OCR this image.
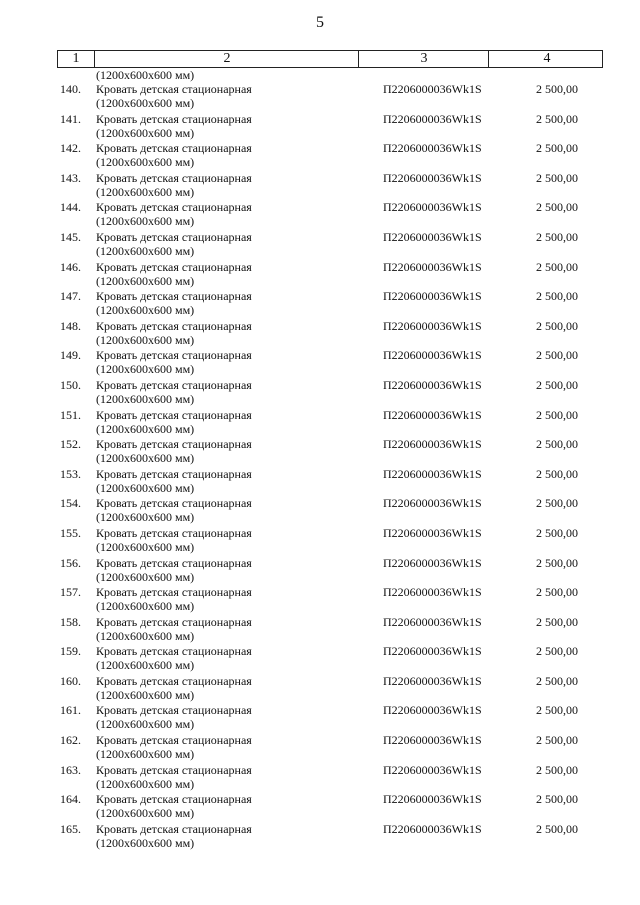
5
1	2	3	4
(1200x600x600 мм)
140. Кровать детская стационарная
(1200x600x600 мм)
П2206000036Wk1S	2 500,00
141. Кровать детская стационарная
(1200x600x600 мм)
П2206000036Wk1S	2 500,00
142. Кровать детская стационарная
(1200x600x600 мм)
П2206000036Wk1S	2 500,00
143. Кровать детская стационарная
(1200x600x600 мм)
П2206000036Wk1S	2 500,00
144. Кровать детская стационарная
(1200x600x600 мм)
П2206000036Wk1S	2 500,00
145. Кровать детская стационарная
(1200x600x600 мм)
П2206000036Wk1S	2 500,00
146. Кровать детская стационарная
(1200x600x600 мм)
П2206000036Wk1S	2 500,00
147. Кровать детская стационарная
(1200x600x600 мм)
П2206000036Wk1S	2 500,00
148. Кровать детская стационарная
(1200x600x600 мм)
П2206000036Wk1S	2 500,00
149. Кровать детская стационарная
(1200x600x600 мм)
П2206000036Wk1S	2 500,00
150. Кровать детская стационарная
(1200x600x600 мм)
П2206000036Wk1S	2 500,00
151. Кровать детская стационарная
(1200x600x600 мм)
П2206000036Wk1S	2 500,00
152. Кровать детская стационарная
(1200x600x600 мм)
П2206000036Wk1S	2 500,00
153. Кровать детская стационарная
(1200x600x600 мм)
П2206000036Wk1S	2 500,00
154. Кровать детская стационарная
(1200x600x600 мм)
П2206000036Wk1S	2 500,00
155. Кровать детская стационарная
(1200x600x600 мм)
П2206000036Wk1S	2 500,00
156. Кровать детская стационарная
(1200x600x600 мм)
П2206000036Wk1S	2 500,00
157. Кровать детская стационарная
(1200x600x600 мм)
П2206000036Wk1S	2 500,00
158. Кровать детская стационарная
(1200x600x600 мм)
П2206000036Wk1S	2 500,00
159. Кровать детская стационарная
(1200x600x600 мм)
П2206000036Wk1S	2 500,00
160. Кровать детская стационарная
(1200x600x600 мм)
П2206000036Wk1S	2 500,00
161. Кровать детская стационарная
(1200x600x600 мм)
П2206000036Wk1S	2 500,00
162. Кровать детская стационарная
(1200x600x600 мм)
П2206000036Wk1S	2 500,00
163. Кровать детская стационарная
(1200x600x600 мм)
П2206000036Wk1S	2 500,00
164. Кровать детская стационарная
(1200x600x600 мм)
П2206000036Wk1S	2 500,00
165. Кровать детская стационарная
(1200x600x600 мм)
П2206000036Wk1S	2 500,00
